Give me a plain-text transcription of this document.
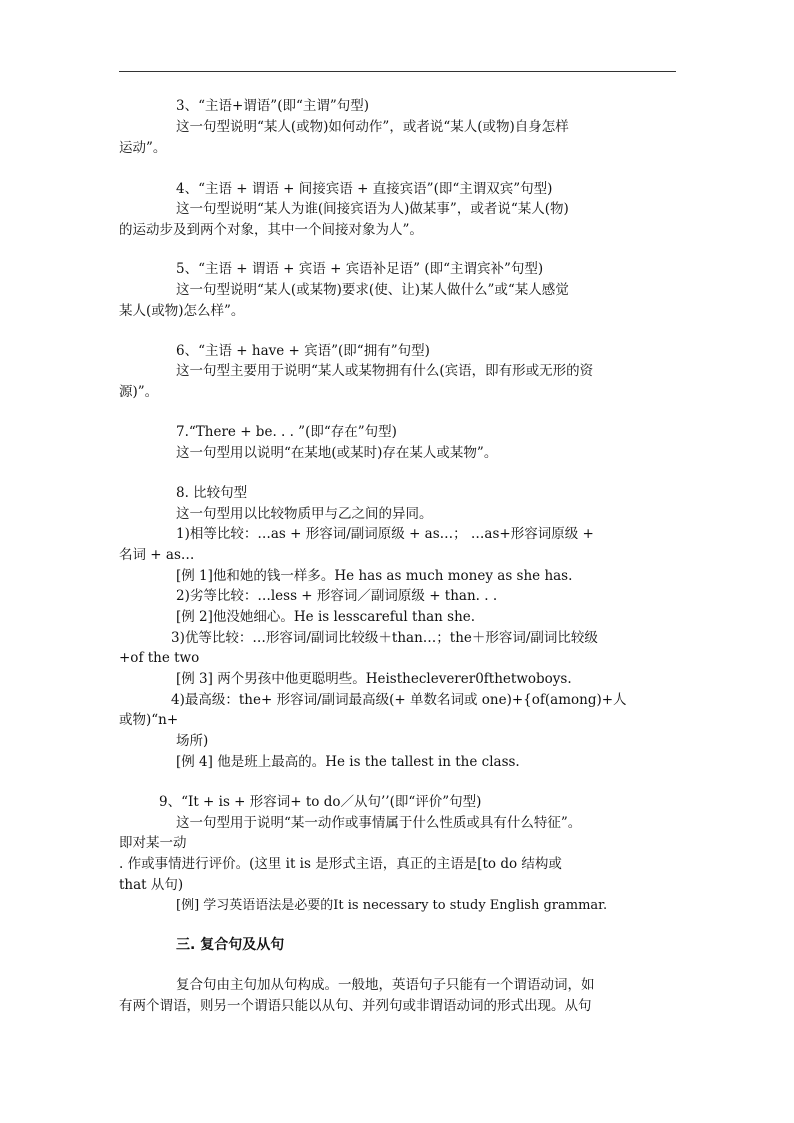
3、“主语+谓语”(即“主谓”句型)
这一句型说明“某人(或物)如何动作”，或者说“某人(或物)自身怎样
运动”。
4、“主语 + 谓语 + 间接宾语 + 直接宾语”(即“主谓双宾”句型)
这一句型说明“某人为谁(间接宾语为人)做某事”，或者说“某人(物)
的运动步及到两个对象，其中一个间接对象为人”。
5、“主语 + 谓语 + 宾语 + 宾语补足语” (即“主谓宾补”句型)
这一句型说明“某人(或某物)要求(使、让)某人做什么”或“某人感觉
某人(或物)怎么样”。
6、“主语 + have + 宾语”(即“拥有”句型)
这一句型主要用于说明“某人或某物拥有什么(宾语，即有形或无形的资
源)”。
7.“There + be. . . ”(即“存在”句型)
这一句型用以说明“在某地(或某时)存在某人或某物”。
8. 比较句型
这一句型用以比较物质甲与乙之间的异同。
1)相等比较：…as + 形容词/副词原级 + as…； …as+形容词原级 +
名词 + as…
[例 1]他和她的钱一样多。He has as much money as she has.
2)劣等比较：…less + 形容词／副词原级 + than. . .
[例 2]他没她细心。He is lesscareful than she.
3)优等比较：…形容词/副词比较级＋than…；the＋形容词/副词比较级
+of the two
[例 3] 两个男孩中他更聪明些。Heisthecleverer0fthetwoboys.
4)最高级：the+ 形容词/副词最高级(+ 单数名词或 one)+{of(among)+人
或物)“n+
场所)
[例 4] 他是班上最高的。He is the tallest in the class.
9、“It + is + 形容词+ to do／从句’’(即“评价”句型)
这一句型用于说明“某一动作或事情属于什么性质或具有什么特征”。
即对某一动
. 作或事情进行评价。(这里 it is 是形式主语，真正的主语是[to do 结构或
that 从句)
[例] 学习英语语法是必要的It is necessary to study English grammar.
三. 复合句及从句
复合句由主句加从句构成。一般地，英语句子只能有一个谓语动词，如
有两个谓语，则另一个谓语只能以从句、并列句或非谓语动词的形式出现。从句
